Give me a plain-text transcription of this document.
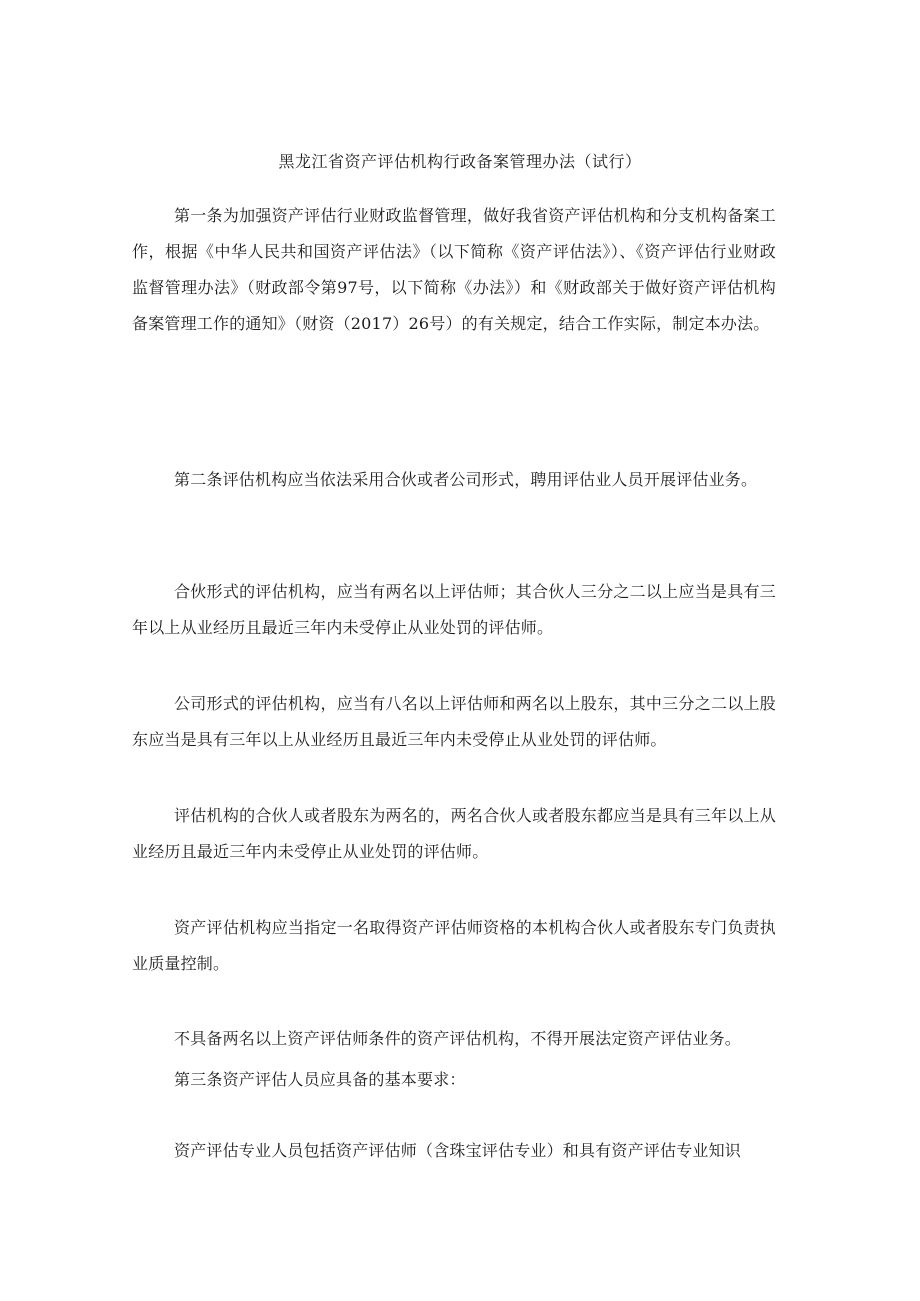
黑龙江省资产评估机构行政备案管理办法（试行）

第一条为加强资产评估行业财政监督管理，做好我省资产评估机构和分支机构备案工作，根据《中华人民共和国资产评估法》（以下简称《资产评估法》）、《资产评估行业财政监督管理办法》（财政部令第97号，以下简称《办法》）和《财政部关于做好资产评估机构备案管理工作的通知》（财资（2017）26号）的有关规定，结合工作实际，制定本办法。

第二条评估机构应当依法采用合伙或者公司形式，聘用评估业人员开展评估业务。

合伙形式的评估机构，应当有两名以上评估师；其合伙人三分之二以上应当是具有三年以上从业经历且最近三年内未受停止从业处罚的评估师。

公司形式的评估机构，应当有八名以上评估师和两名以上股东，其中三分之二以上股东应当是具有三年以上从业经历且最近三年内未受停止从业处罚的评估师。

评估机构的合伙人或者股东为两名的，两名合伙人或者股东都应当是具有三年以上从业经历且最近三年内未受停止从业处罚的评估师。

资产评估机构应当指定一名取得资产评估师资格的本机构合伙人或者股东专门负责执业质量控制。

不具备两名以上资产评估师条件的资产评估机构，不得开展法定资产评估业务。

第三条资产评估人员应具备的基本要求：

资产评估专业人员包括资产评估师（含珠宝评估专业）和具有资产评估专业知识
